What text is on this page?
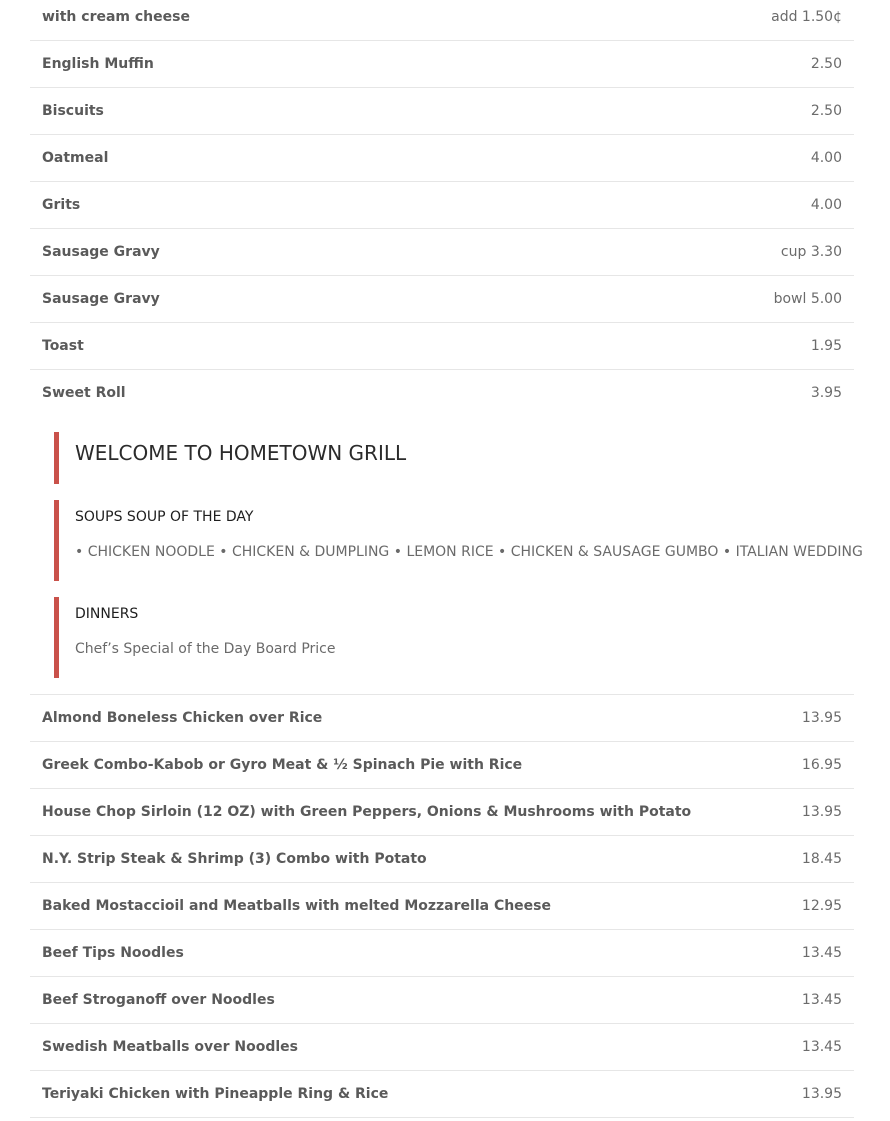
with cream cheese	add 1.50¢
English Muffin	2.50
Biscuits	2.50
Oatmeal	4.00
Grits	4.00
Sausage Gravy	cup 3.30
Sausage Gravy	bowl 5.00
Toast	1.95
Sweet Roll	3.95
WELCOME TO HOMETOWN GRILL
SOUPS SOUP OF THE DAY

• CHICKEN NOODLE • CHICKEN & DUMPLING • LEMON RICE • CHICKEN & SAUSAGE GUMBO • ITALIAN WEDDING

DINNERS

Chef’s Special of the Day Board Price

Almond Boneless Chicken over Rice	13.95
Greek Combo-Kabob or Gyro Meat & ½ Spinach Pie with Rice	16.95
House Chop Sirloin (12 OZ) with Green Peppers, Onions & Mushrooms with Potato	13.95
N.Y. Strip Steak & Shrimp (3) Combo with Potato	18.45
Baked Mostaccioil and Meatballs with melted Mozzarella Cheese	12.95
Beef Tips Noodles	13.45
Beef Stroganoff over Noodles	13.45
Swedish Meatballs over Noodles	13.45
Teriyaki Chicken with Pineapple Ring & Rice	13.95
